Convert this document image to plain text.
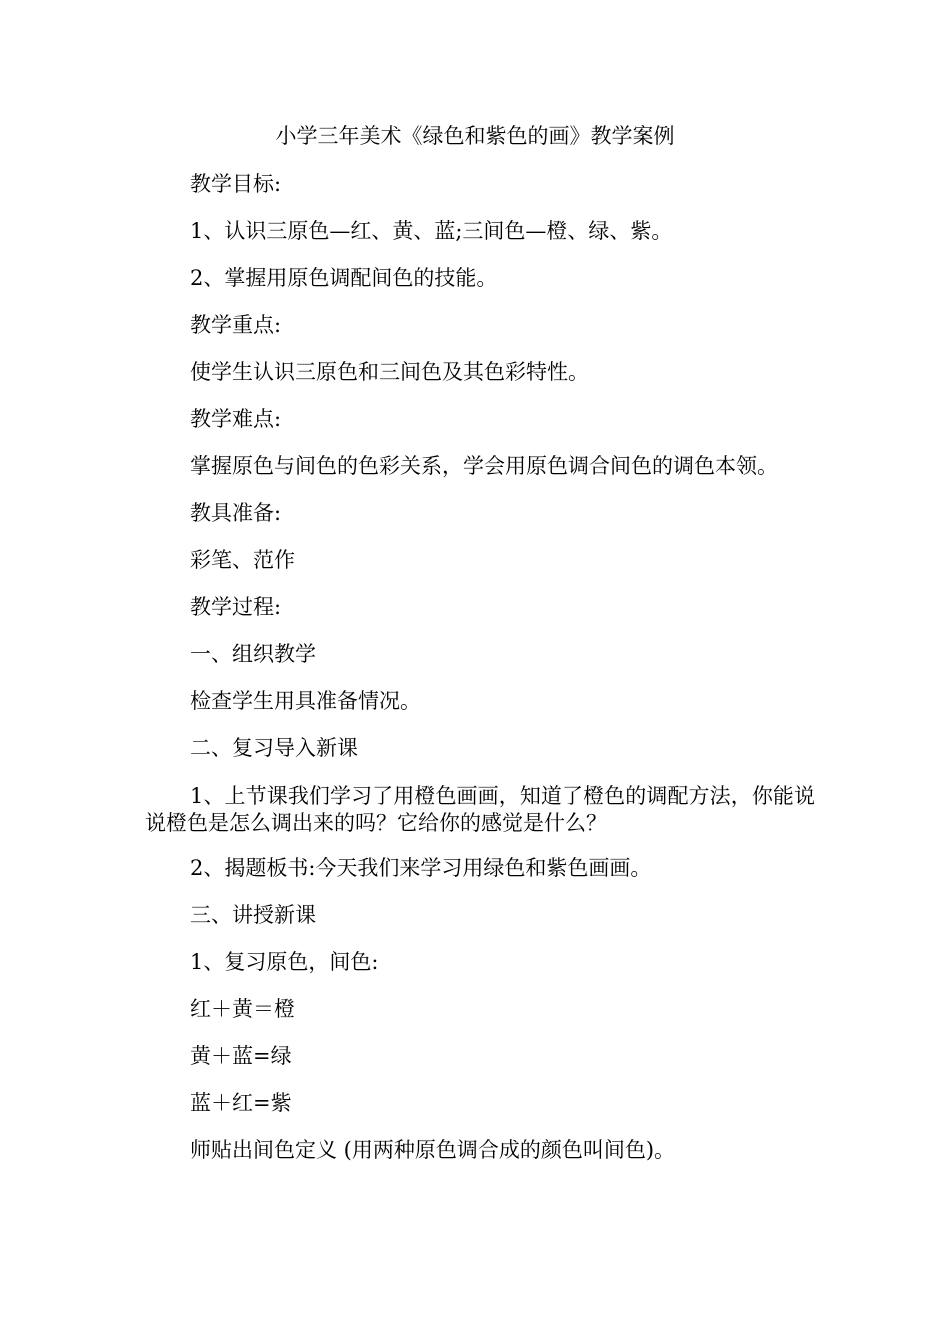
小学三年美术《绿色和紫色的画》教学案例
教学目标:
1、认识三原色—红、黄、蓝;三间色—橙、绿、紫。
2、掌握用原色调配间色的技能。
教学重点:
使学生认识三原色和三间色及其色彩特性。
教学难点:
掌握原色与间色的色彩关系，学会用原色调合间色的调色本领。
教具准备:
彩笔、范作
教学过程:
一、组织教学
检查学生用具准备情况。
二、复习导入新课
1、上节课我们学习了用橙色画画，知道了橙色的调配方法，你能说说橙色是怎么调出来的吗？它给你的感觉是什么？
2、揭题板书:今天我们来学习用绿色和紫色画画。
三、讲授新课
1、复习原色，间色:
红＋黄＝橙
黄＋蓝=绿
蓝＋红=紫
师贴出间色定义 (用两种原色调合成的颜色叫间色)。
